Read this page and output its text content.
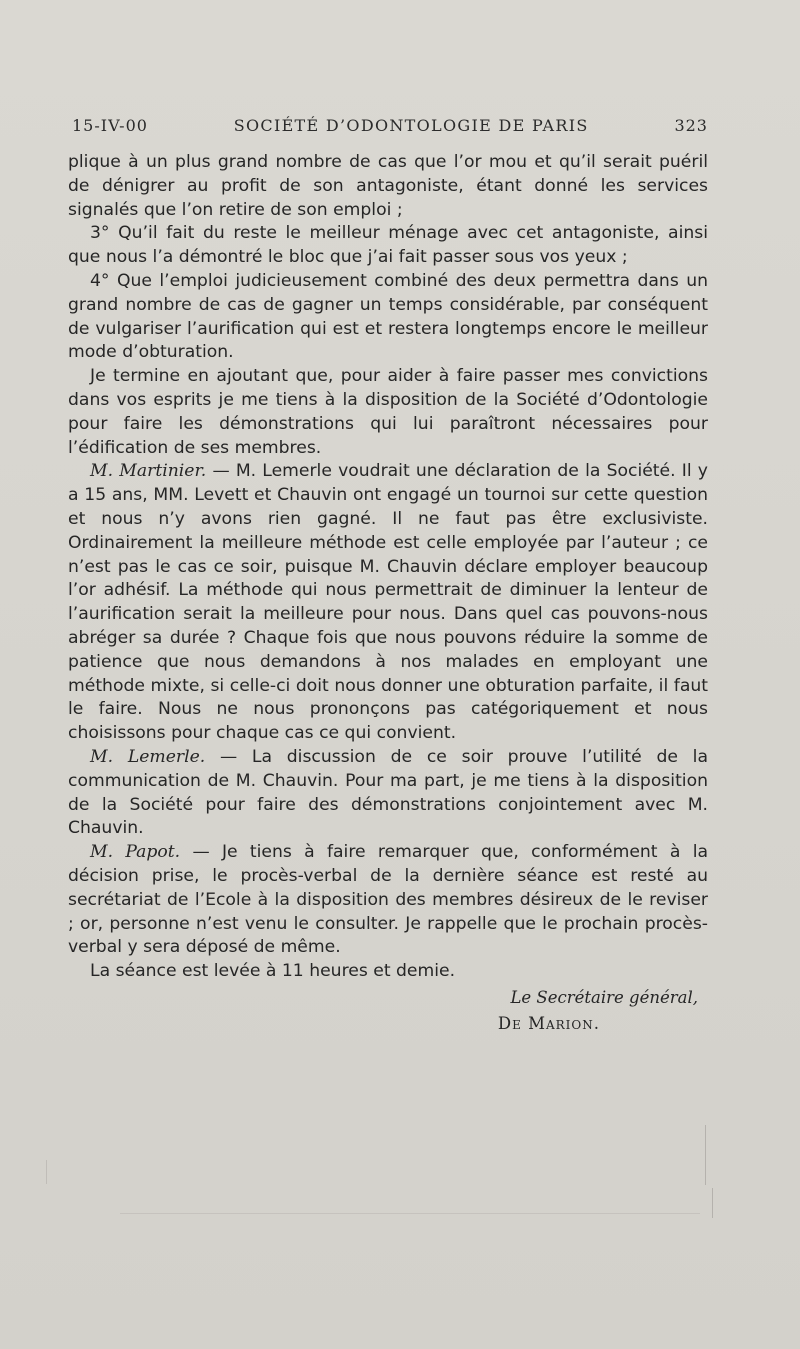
15-IV-00	SOCIÉTÉ D’ODONTOLOGIE DE PARIS	323

plique à un plus grand nombre de cas que l’or mou et qu’il serait puéril de dénigrer au profit de son antagoniste, étant donné les services signalés que l’on retire de son emploi ;

3° Qu’il fait du reste le meilleur ménage avec cet antagoniste, ainsi que nous l’a démontré le bloc que j’ai fait passer sous vos yeux ;

4° Que l’emploi judicieusement combiné des deux permettra dans un grand nombre de cas de gagner un temps considérable, par conséquent de vulgariser l’aurification qui est et restera longtemps encore le meilleur mode d’obturation.

Je termine en ajoutant que, pour aider à faire passer mes convictions dans vos esprits je me tiens à la disposition de la Société d’Odontologie pour faire les démonstrations qui lui paraîtront nécessaires pour l’édification de ses membres.

M. Martinier. — M. Lemerle voudrait une déclaration de la Société. Il y a 15 ans, MM. Levett et Chauvin ont engagé un tournoi sur cette question et nous n’y avons rien gagné. Il ne faut pas être exclusiviste. Ordinairement la meilleure méthode est celle employée par l’auteur ; ce n’est pas le cas ce soir, puisque M. Chauvin déclare employer beaucoup l’or adhésif. La méthode qui nous permettrait de diminuer la lenteur de l’aurification serait la meilleure pour nous. Dans quel cas pouvons-nous abréger sa durée ? Chaque fois que nous pouvons réduire la somme de patience que nous demandons à nos malades en employant une méthode mixte, si celle-ci doit nous donner une obturation parfaite, il faut le faire. Nous ne nous prononçons pas catégoriquement et nous choisissons pour chaque cas ce qui convient.

M. Lemerle. — La discussion de ce soir prouve l’utilité de la communication de M. Chauvin. Pour ma part, je me tiens à la disposition de la Société pour faire des démonstrations conjointement avec M. Chauvin.

M. Papot. — Je tiens à faire remarquer que, conformément à la décision prise, le procès-verbal de la dernière séance est resté au secrétariat de l’Ecole à la disposition des membres désireux de le reviser ; or, personne n’est venu le consulter. Je rappelle que le prochain procès-verbal y sera déposé de même.

La séance est levée à 11 heures et demie.

Le Secrétaire général,
De Marion.
